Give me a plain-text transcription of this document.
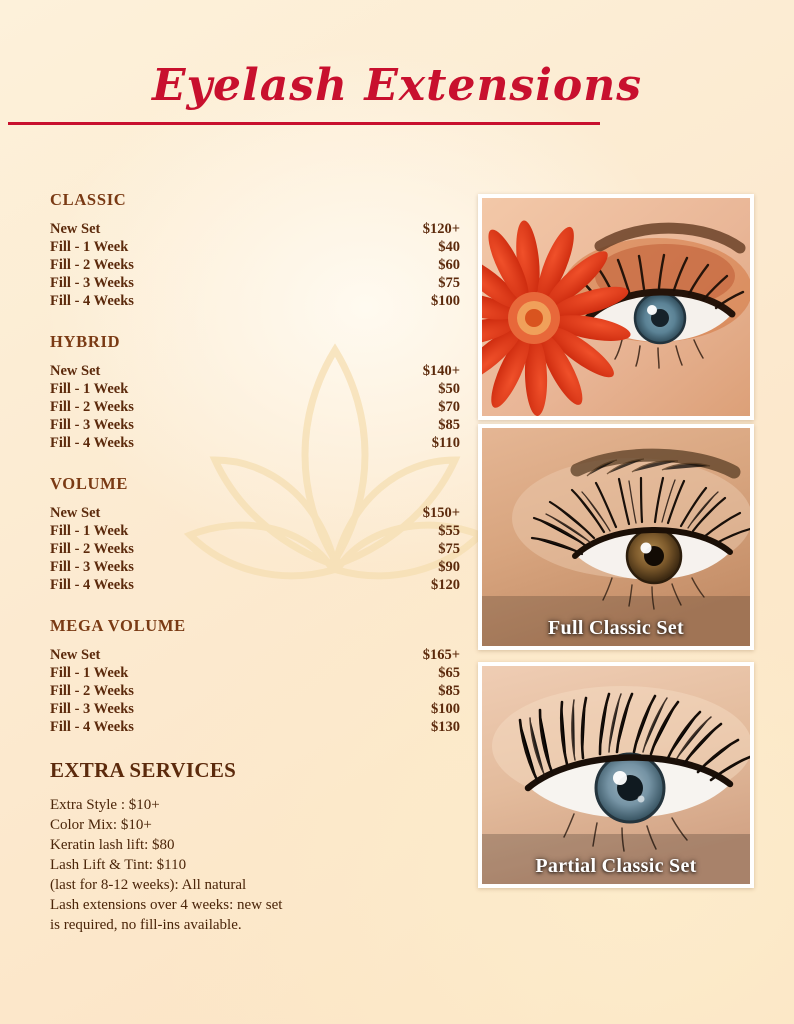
Eyelash Extensions
CLASSIC
New Set	$120+
Fill - 1 Week	$40
Fill - 2 Weeks	$60
Fill - 3 Weeks	$75
Fill - 4 Weeks	$100
HYBRID
New Set	$140+
Fill - 1 Week	$50
Fill - 2 Weeks	$70
Fill - 3 Weeks	$85
Fill - 4 Weeks	$110
VOLUME
New Set	$150+
Fill - 1 Week	$55
Fill - 2 Weeks	$75
Fill - 3 Weeks	$90
Fill - 4 Weeks	$120
MEGA VOLUME
New Set	$165+
Fill - 1 Week	$65
Fill - 2 Weeks	$85
Fill - 3 Weeks	$100
Fill - 4 Weeks	$130
EXTRA SERVICES
Extra Style : $10+
Color Mix: $10+
Keratin lash lift: $80
Lash Lift & Tint: $110
(last for 8-12 weeks): All natural
Lash extensions over 4 weeks: new set
is required, no fill-ins available.
Full Classic Set
Partial Classic Set
